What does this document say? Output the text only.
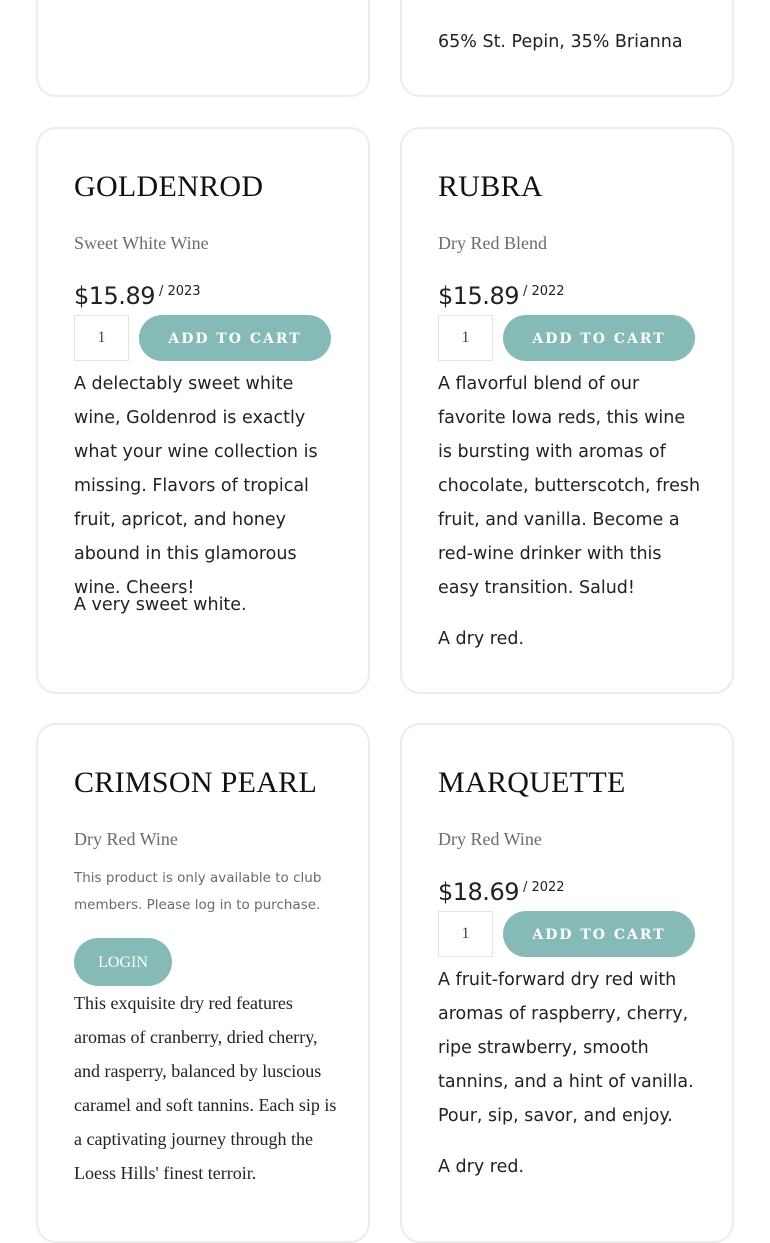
65% St. Pepin, 35% Brianna
GOLDENROD
Sweet White Wine
$15.89 $^{/ 2023}$
1
ADD TO CART

A delectably sweet white wine, Goldenrod is exactly what your wine collection is missing. Flavors of tropical fruit, apricot, and honey abound in this glamorous wine. Cheers!

A very sweet white.

RUBRA
Dry Red Blend
$15.89 $^{/ 2022}$
1
ADD TO CART

A flavorful blend of our favorite Iowa reds, this wine is bursting with aromas of chocolate, butterscotch, fresh fruit, and vanilla. Become a red-wine drinker with this easy transition. Salud!

A dry red.

CRIMSON PEARL
Dry Red Wine

This product is only available to club members. Please log in to purchase.

LOGIN

This exquisite dry red features aromas of cranberry, dried cherry, and rasperry, balanced by luscious caramel and soft tannins. Each sip is a captivating journey through the Loess Hills' finest terroir.

MARQUETTE
Dry Red Wine
$18.69 $^{/ 2022}$
1
ADD TO CART

A fruit-forward dry red with aromas of raspberry, cherry, ripe strawberry, smooth tannins, and a hint of vanilla. Pour, sip, savor, and enjoy.

A dry red.
